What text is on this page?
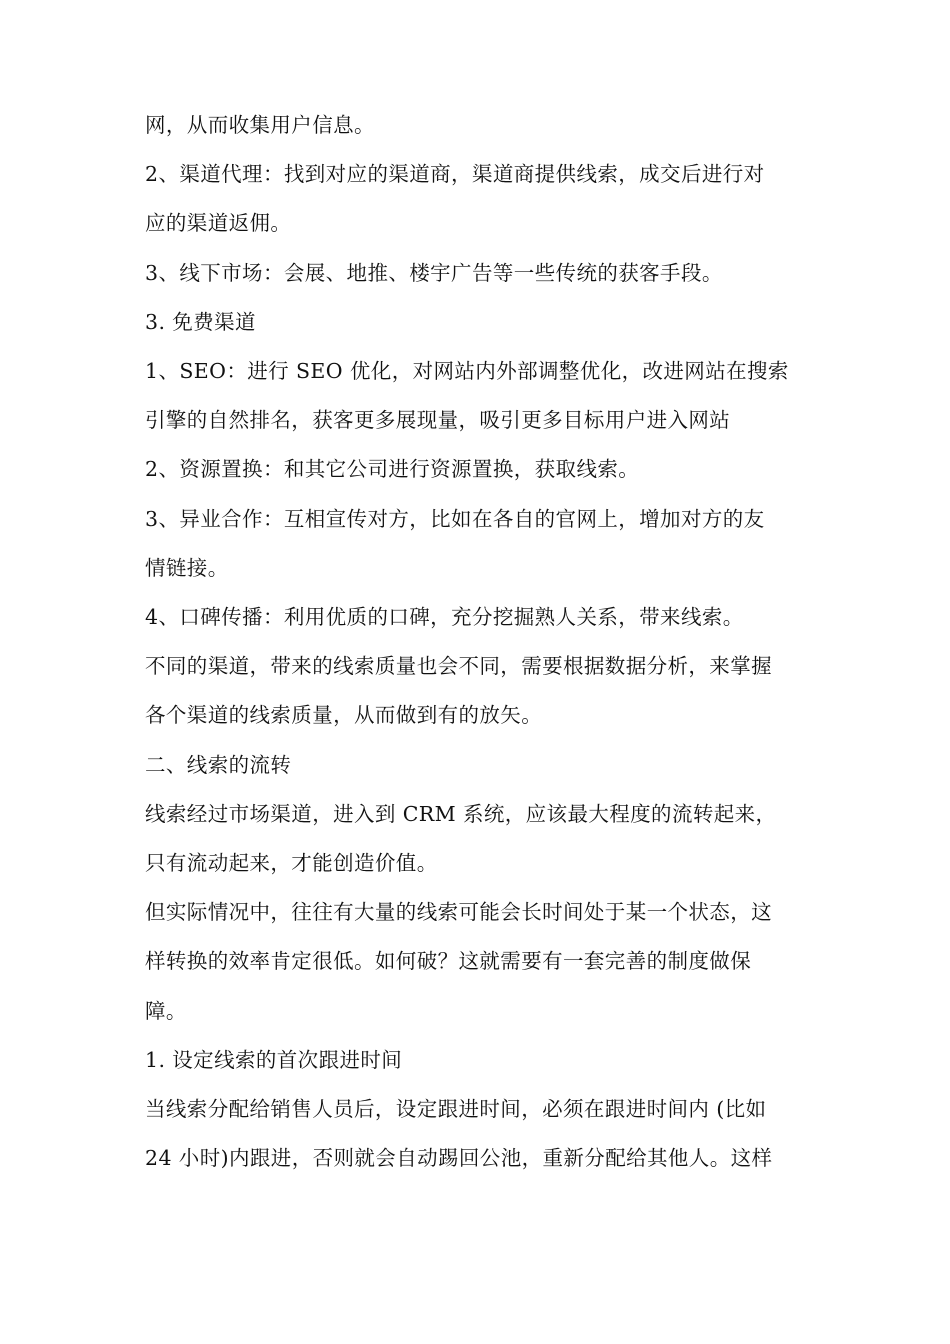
网，从而收集用户信息。

2、渠道代理：找到对应的渠道商，渠道商提供线索，成交后进行对

应的渠道返佣。

3、线下市场：会展、地推、楼宇广告等一些传统的获客手段。

3. 免费渠道

1、SEO：进行 SEO 优化，对网站内外部调整优化，改进网站在搜索

引擎的自然排名，获客更多展现量，吸引更多目标用户进入网站

2、资源置换：和其它公司进行资源置换，获取线索。

3、异业合作：互相宣传对方，比如在各自的官网上，增加对方的友

情链接。

4、口碑传播：利用优质的口碑，充分挖掘熟人关系，带来线索。

不同的渠道，带来的线索质量也会不同，需要根据数据分析，来掌握

各个渠道的线索质量，从而做到有的放矢。

二、线索的流转

线索经过市场渠道，进入到 CRM 系统，应该最大程度的流转起来，

只有流动起来，才能创造价值。

但实际情况中，往往有大量的线索可能会长时间处于某一个状态，这

样转换的效率肯定很低。如何破？这就需要有一套完善的制度做保

障。

1. 设定线索的首次跟进时间

当线索分配给销售人员后，设定跟进时间，必须在跟进时间内 (比如

24 小时)内跟进，否则就会自动踢回公池，重新分配给其他人。这样
